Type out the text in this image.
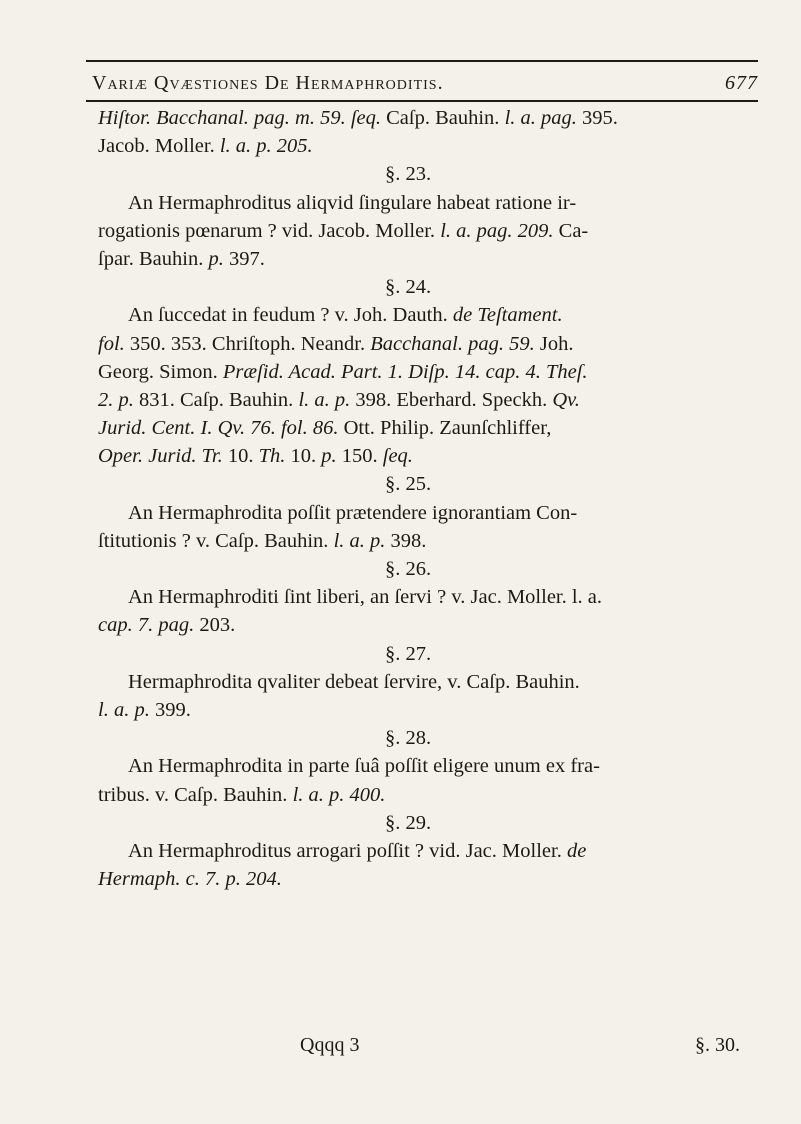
Variæ Qvæstiones De Hermaphroditis.	677
Hiſtor. Bacchanal. pag. m. 59. ſeq. Caſp. Bauhin. l. a. pag. 395.
Jacob. Moller. l. a. p. 205.
§. 23.
An Hermaphroditus aliqvid ſingulare habeat ratione ir-
rogationis pœnarum ? vid. Jacob. Moller. l. a. pag. 209. Ca-
ſpar. Bauhin. p. 397.
§. 24.
An ſuccedat in feudum ? v. Joh. Dauth. de Teſtament.
fol. 350. 353. Chriſtoph. Neandr. Bacchanal. pag. 59. Joh.
Georg. Simon. Præſid. Acad. Part. 1. Diſp. 14. cap. 4. Theſ.
2. p. 831. Caſp. Bauhin. l. a. p. 398. Eberhard. Speckh. Qv.
Jurid. Cent. I. Qv. 76. fol. 86. Ott. Philip. Zaunſchliffer,
Oper. Jurid. Tr. 10. Th. 10. p. 150. ſeq.
§. 25.
An Hermaphrodita poſſit prætendere ignorantiam Con-
ſtitutionis ? v. Caſp. Bauhin. l. a. p. 398.
§. 26.
An Hermaphroditi ſint liberi, an ſervi ? v. Jac. Moller. l. a.
cap. 7. pag. 203.
§. 27.
Hermaphrodita qvaliter debeat ſervire, v. Caſp. Bauhin.
l. a. p. 399.
§. 28.
An Hermaphrodita in parte ſuâ poſſit eligere unum ex fra-
tribus. v. Caſp. Bauhin. l. a. p. 400.
§. 29.
An Hermaphroditus arrogari poſſit ? vid. Jac. Moller. de
Hermaph. c. 7. p. 204.
Qqqq 3	§. 30.
